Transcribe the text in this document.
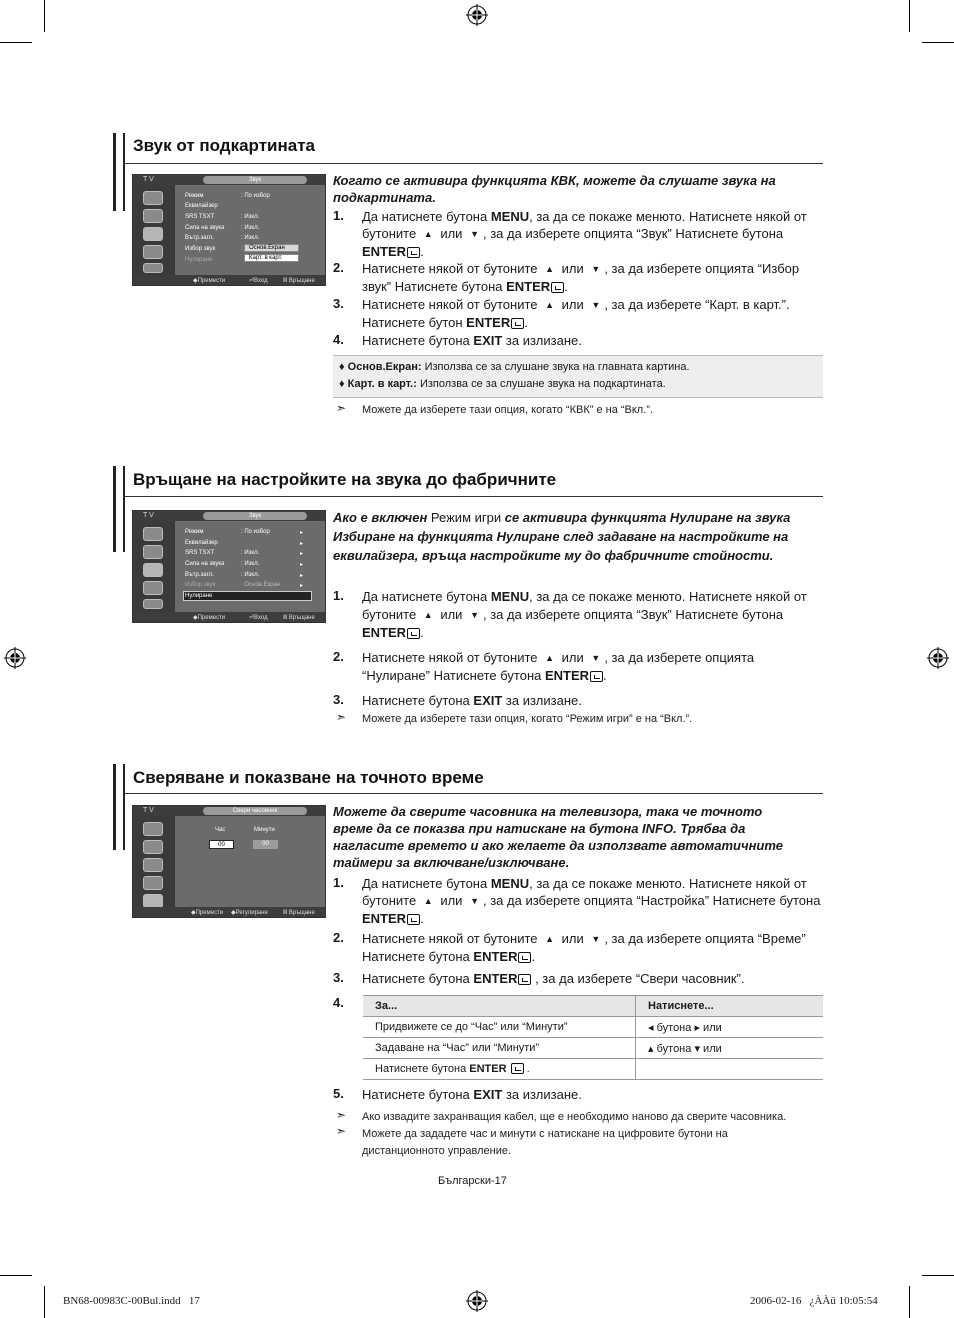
Звук от подкартината
T V	Звук
Режим	: По избор
Еквилайзер
SRS TSXT	: Изкл.
Сила на звука	: Изкл.
Вътр.загл.	: Изкл.
Избор звук	:
Нулиране
Основ.Екран
Карт. в карт.
◆Премести	⏎Вход	Ⅲ Връщане
Когато се активира функцията КВК, можете да слушате звука на подкартината.
1. Да натиснете бутона MENU, за да се покаже менюто. Натиснете някой от бутоните ▲ или ▼ , за да изберете опцията “Звук” Натиснете бутона ENTER .
2. Натиснете някой от бутоните ▲ или ▼ , за да изберете опцията “Избор звук” Натиснете бутона ENTER .
3. Натиснете някой от бутоните ▲ или ▼ , за да изберете “Карт. в карт.”. Натиснете бутон ENTER .
4. Натиснете бутона EXIT за излизане.
♦ Основ.Екран: Използва се за слушане звука на главната картина.
♦ Карт. в карт.: Използва се за слушане звука на подкартината.
➣ Можете да изберете тази опция, когато “КВК” е на “Вкл.”.
Връщане на настройките на звука до фабричните
T V	Звук
Режим	: По избор	▸
Еквилайзер	▸
SRS TSXT	: Изкл.	▸
Сила на звука	: Изкл.	▸
Вътр.загл.	: Изкл.	▸
Избор звук	: Основ.Екран	▸
Нулиране
◆Премести	⏎Вход	Ⅲ Връщане
Ако е включен Режим игри се активира функцията Нулиране на звука Избиране на функцията Нулиране след задаване на настройките на еквилайзера, връща настройките му до фабричните стойности.
1. Да натиснете бутона MENU, за да се покаже менюто. Натиснете някой от бутоните ▲ или ▼ , за да изберете опцията “Звук” Натиснете бутона ENTER .
2. Натиснете някой от бутоните ▲ или ▼ , за да изберете опцията “Нулиране” Натиснете бутона ENTER .
3. Натиснете бутона EXIT за излизане.
➣ Можете да изберете тази опция, когато “Режим игри” е на “Вкл.”.
Сверяване и показване на точното време
T V	Свери часовник
Час	Минути
00	00
◆Премести ◆Регулиране	Ⅲ Връщане
Можете да сверите часовника на телевизора, така че точното време да се показва при натискане на бутона INFO. Трябва да нагласите времето и ако желаете да използвате автоматичните таймери за включване/изключване.
1. Да натиснете бутона MENU, за да се покаже менюто. Натиснете някой от бутоните ▲ или ▼ , за да изберете опцията “Настройка” Натиснете бутона ENTER .
2. Натиснете някой от бутоните ▲ или ▼ , за да изберете опцията “Време” Натиснете бутона ENTER .
3. Натиснете бутона ENTER , за да изберете “Свери часовник”.
4.	За...	Натиснете...
Придвижете се до “Час” или “Минути”	◂ бутона ▸ или
Задаване на “Час” или “Минути”	▴ бутона ▾ или
Натиснете бутона ENTER  .	
5. Натиснете бутона EXIT за излизане.
➣ Ако извадите захранващия кабел, ще е необходимо наново да сверите часовника.
➣ Можете да зададете час и минути с натискане на цифровите бутони на дистанционното управление.
Български-17
BN68-00983C-00Bul.indd   17	2006-02-16   ¿ÀÀü 10:05:54
